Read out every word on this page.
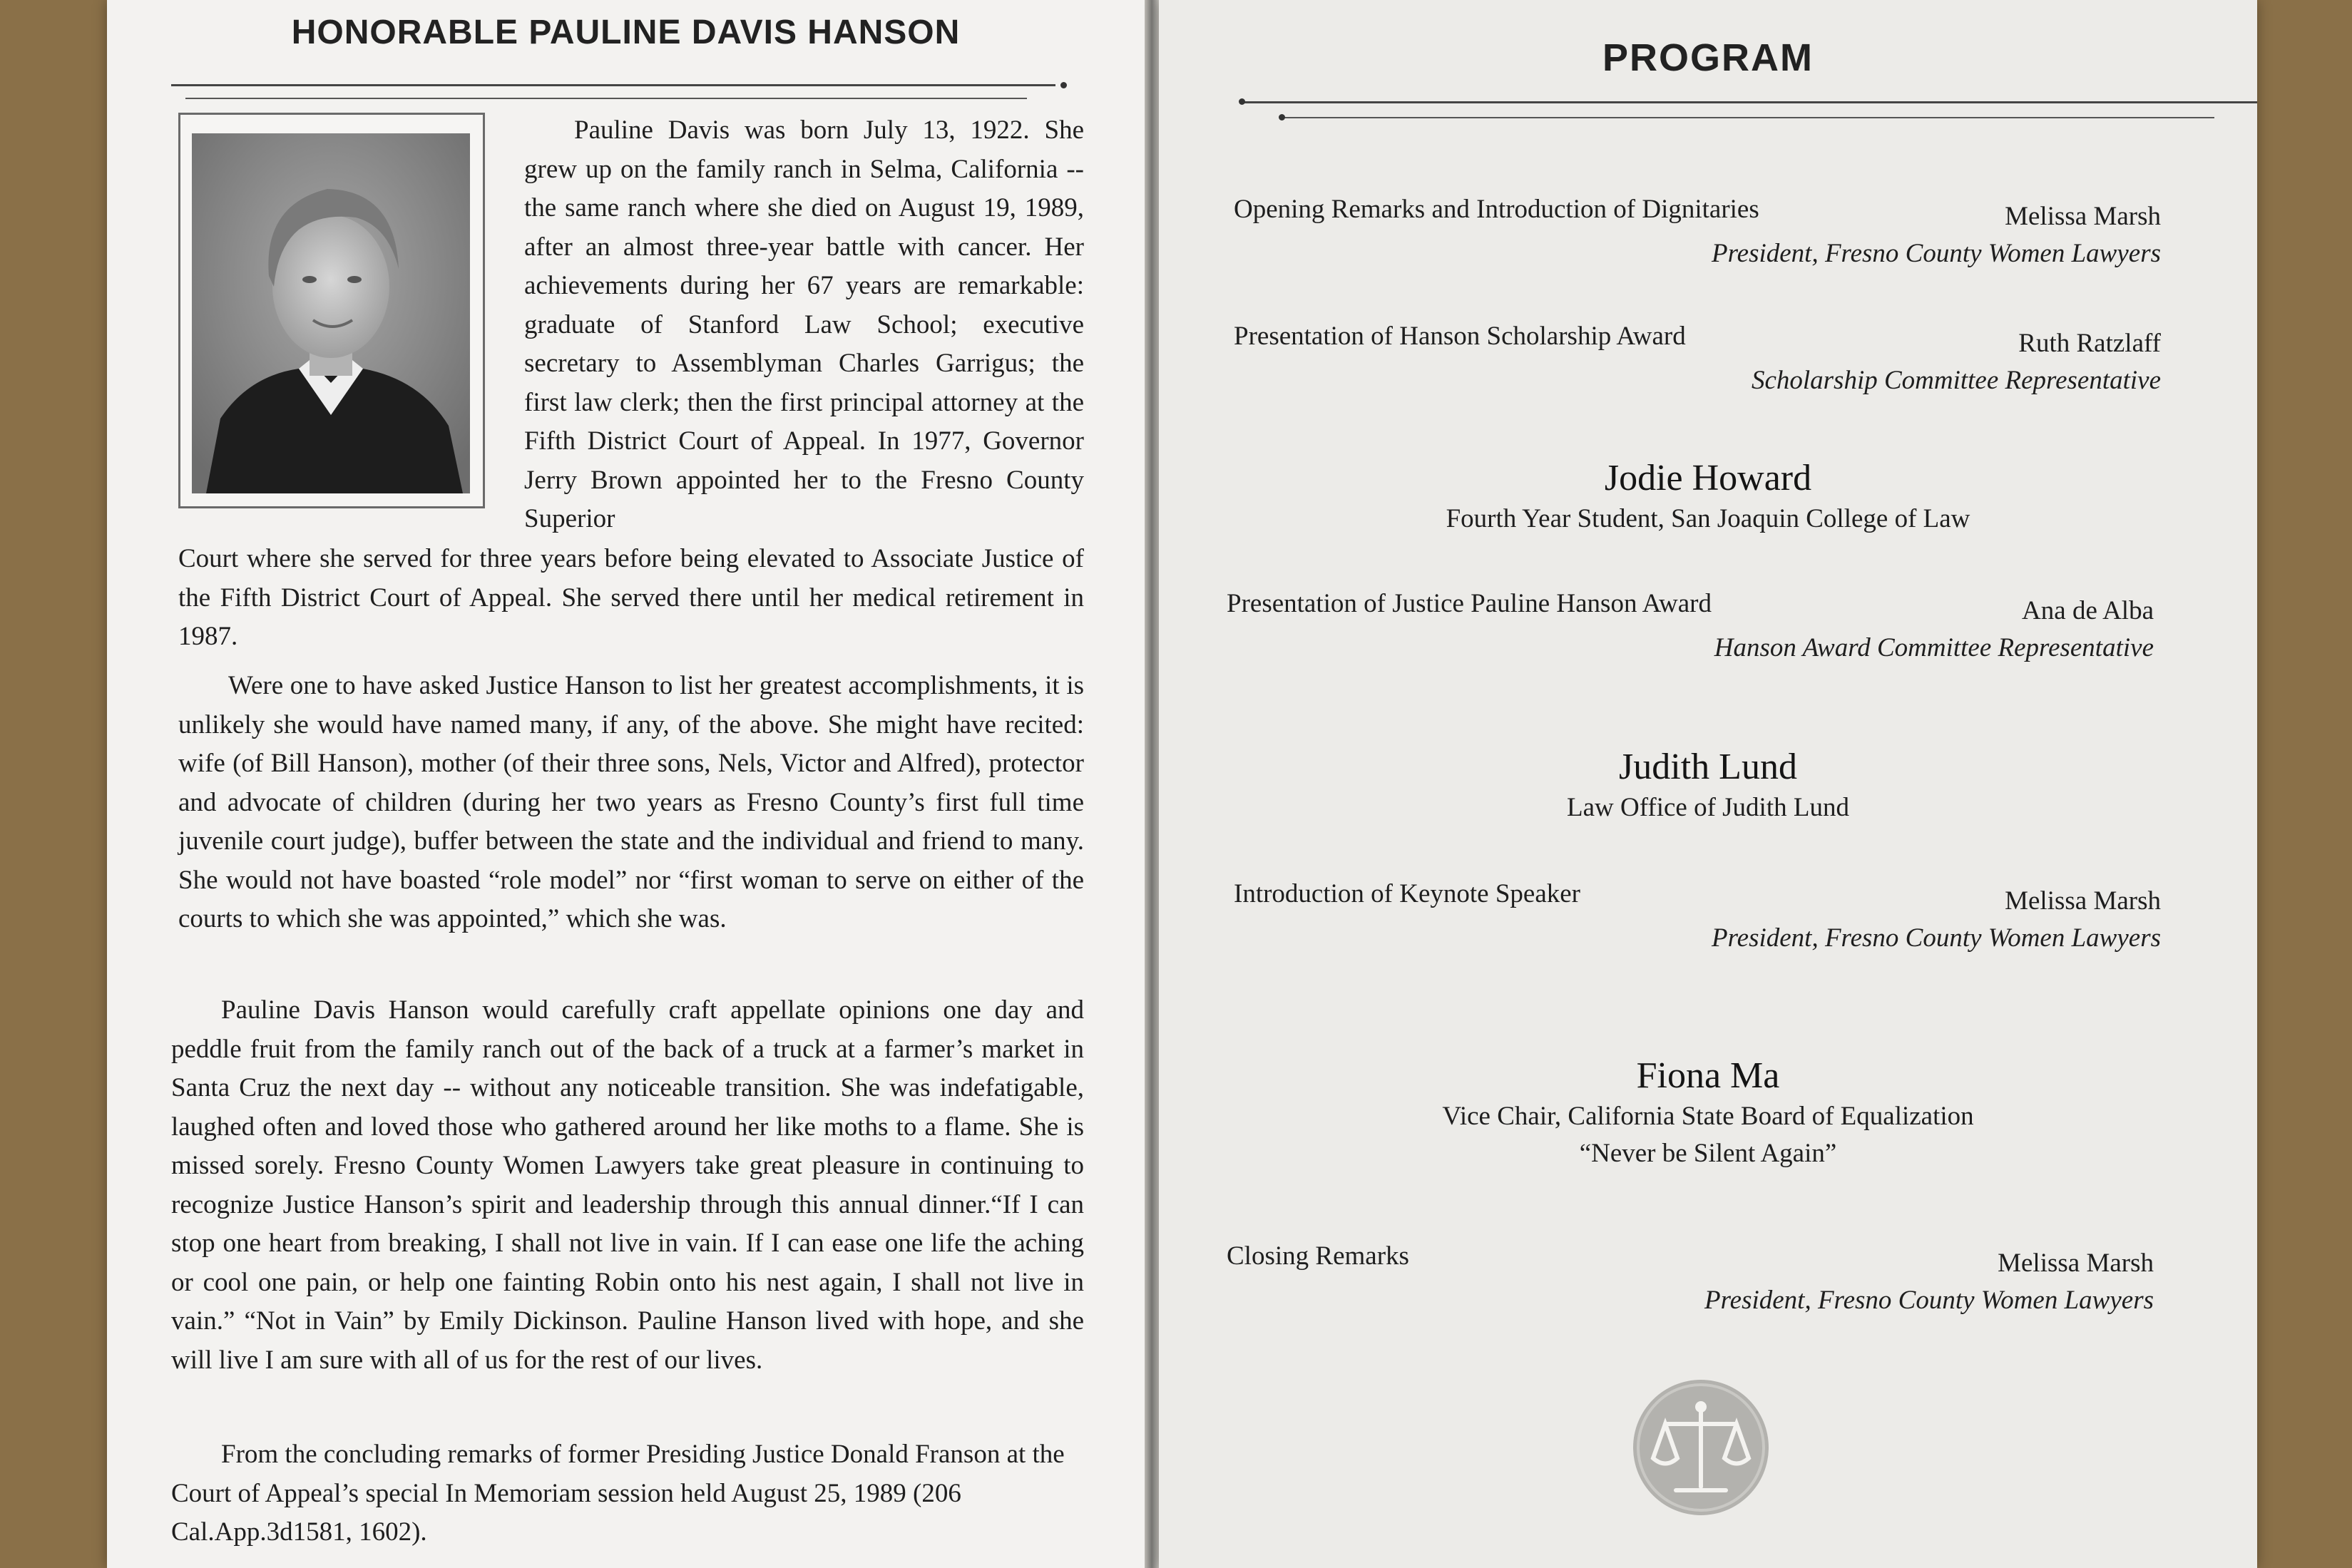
HONORABLE PAULINE DAVIS HANSON

Pauline Davis was born July 13, 1922. She grew up on the family ranch in Selma, California -- the same ranch where she died on August 19, 1989, after an almost three-year battle with cancer. Her achievements during her 67 years are remarkable: graduate of Stanford Law School; executive secretary to Assemblyman Charles Garrigus; the first law clerk; then the first principal attorney at the Fifth District Court of Appeal. In 1977, Governor Jerry Brown appointed her to the Fresno County Superior

Court where she served for three years before being elevated to Associate Justice of the Fifth District Court of Appeal. She served there until her medical retirement in 1987.

Were one to have asked Justice Hanson to list her greatest accomplishments, it is unlikely she would have named many, if any, of the above. She might have recited: wife (of Bill Hanson), mother (of their three sons, Nels, Victor and Alfred), protector and advocate of children (during her two years as Fresno County’s first full time juvenile court judge), buffer between the state and the individual and friend to many. She would not have boasted “role model” nor “first woman to serve on either of the courts to which she was appointed,” which she was.

Pauline Davis Hanson would carefully craft appellate opinions one day and peddle fruit from the family ranch out of the back of a truck at a farmer’s market in Santa Cruz the next day -- without any noticeable transition. She was indefatigable, laughed often and loved those who gathered around her like moths to a flame. She is missed sorely. Fresno County Women Lawyers take great pleasure in continuing to recognize Justice Hanson’s spirit and leadership through this annual dinner.“If I can stop one heart from breaking, I shall not live in vain. If I can ease one life the aching or cool one pain, or help one fainting Robin onto his nest again, I shall not live in vain.” “Not in Vain” by Emily Dickinson. Pauline Hanson lived with hope, and she will live I am sure with all of us for the rest of our lives.

From the concluding remarks of former Presiding Justice Donald Franson at the Court of Appeal’s special In Memoriam session held August 25, 1989 (206 Cal.App.3d1581, 1602).

PROGRAM
Opening Remarks and Introduction of Dignitaries	Melissa Marsh
President, Fresno County Women Lawyers
Presentation of Hanson Scholarship Award	Ruth Ratzlaff
Scholarship Committee Representative
Jodie Howard
Fourth Year Student, San Joaquin College of Law
Presentation of Justice Pauline Hanson Award	Ana de Alba
Hanson Award Committee Representative
Judith Lund
Law Office of Judith Lund
Introduction of Keynote Speaker	Melissa Marsh
President, Fresno County Women Lawyers
Fiona Ma
Vice Chair, California State Board of Equalization
“Never be Silent Again”
Closing Remarks	Melissa Marsh
President, Fresno County Women Lawyers
